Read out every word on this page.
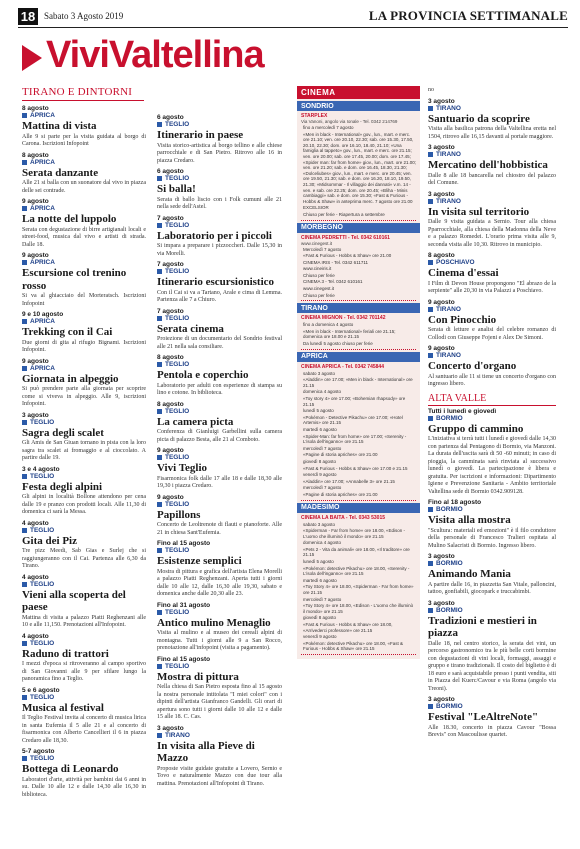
18 Sabato 3 Agosto 2019	LA PROVINCIA SETTIMANALE
ViviValtellina
TIRANO E DINTORNI
8 agosto
APRICA
Mattina di vista
Alle 9 si parte per la visita guidata al borgo di Carona. Iscrizioni Infopoint
8 agosto
APRICA
Serata danzante
Alle 21 si balla con un suonatore dal vivo in piazza delle sei contrade.
9 agosto
APRICA
La notte del luppolo
Serata con degustazione di birre artigianali locali e street-food, musica dal vivo e artisti di strada. Dalle 18.
9 agosto
APRICA
Escursione col trenino rosso
Si va al ghiacciaio del Morteratsch. Iscrizioni Infopoint
9 e 10 agosto
APRICA
Trekking con il Cai
Due giorni di gita al rifugio Bignami. Iscrizioni Infopoint.
9 agosto
APRICA
Giornata in alpeggio
Si può prendere parte alla giornata per scoprire come si viveva in alpeggio. Alle 9, iscrizioni Infopoint.
3 agosto
TEGLIO
Sagra degli scalet
Gli Amis de San Giuan tornano in pista con la loro sagra tra scalet ai fromaggio e al cioccolato. A partire dalle 19.
3 e 4 agosto
TEGLIO
Festa degli alpini
Gli alpini in località Bollone attendono per cena dalle 19 e pranzo con prodotti locali. Alle 11,30 di domenica ci sarà la Messa.
4 agosto
TEGLIO
Gita dei Piz
Tre pizz Meedi, Sab Gias e Surlej che si raggiungeranno con il Cai. Partenza alle 6,30 da Tirano.
4 agosto
TEGLIO
Vieni alla scoperta del paese
Mattina di visita a palazzo Piatti Reghenzani alle 10 e alle 11,150. Prenotazioni all'Infopoint.
4 agosto
TEGLIO
Raduno di trattori
I mezzi d'epoca si ritroveranno al campo sportivo di San Giovanni alle 9 per sfilare lungo la panoramica fino a Teglio.
5 e 6 agosto
TEGLIO
Musica al festival
Il Teglio Festival invita al concerto di musica lirica in santa Eufemia il 5 alle 21 e al concerto di fisarmonica con Alberto Cancellieri il 6 in piazza Credaro alle 18,30.
5-7 agosto
TEGLIO
Bottega di Leonardo
Laboratori d'arte, attività per bambini dai 6 anni in su. Dalle 10 alle 12 e dalle 14,30 alle 16,30 in biblioteca.
6 agosto
TEGLIO
Itinerario in paese
Visita storico-artistica al borgo tellino e alle chiese parrocchiale e di San Pietro. Ritrovo alle 16 in piazza Credaro.
6 agosto
TEGLIO
Si balla!
Serata di ballo liscio con i Folk cumuni alle 21 nella sede dell'Astel.
7 agosto
TEGLIO
Laboratorio per i piccoli
Si impara a preparare i pizzoccheri. Dalle 15,30 in via Morelli.
7 agosto
TEGLIO
Itinerario escursionistico
Con il Cai si va a Tartano, Arale e cima di Lemma. Partenza alle 7 a Chiuro.
7 agosto
TEGLIO
Serata cinema
Proiezione di un documentario del Sondrio festival alle 21 nella sala consiliare.
8 agosto
TEGLIO
Pentola e coperchio
Laboratorio per adulti con esperienze di stampa su lino e cotone. In biblioteca.
8 agosto
TEGLIO
La camera picta
Conferenza di Gianluigi Garbellini sulla camera picta di palazzo Besta, alle 21 al Comboto.
9 agosto
TEGLIO
Vivi Teglio
Fisarmonica folk dalle 17 alle 18 e dalle 18,30 alle 19,30 i piazza Credaro.
9 agosto
TEGLIO
Papillons
Concerto de Leoltrenote di flauti e pianoforte. Alle 21 in chiesa Sant'Eufemia.
Fino al 15 agosto
TEGLIO
Esistenze semplici
Mostra di pittura e grafica dell'artista Elena Morelli a palazzo Piatti Reghenzani. Aperta tutti i giorni dalle 10 alle 12, dalle 16,30 alle 19,30, sabato e domenica anche dalle 20,30 alle 23.
Fino al 31 agosto
TEGLIO
Antico mulino Menaglio
Visita al mulino e al museo dei cereali alpini di montagna. Tutti i giorni alle 9 a San Rocco, prenotazione all'infopoint (visita a pagamento).
Fino al 15 agosto
TEGLIO
Mostra di pittura
Nella chiesa di San Pietro esposta fino al 15 agosto la nostra personale intitolata "I miei colori" con i dipinti dell'artista Gianfranco Gandelli. Gli orari di apertura sono tutti i giorni dalle 10 alle 12 e dalle 15 alle 18. C. Cas.
3 agosto
TIRANO
In visita alla Pieve di Mazzo
Proposte visite guidate gratuite a Lovero, Sernio e Tovo e naturalmente Mazzo con due tour alla mattina. Prenotazioni all'Infopoint di Tirano.
CINEMA
SONDRIO
STARPLEX
Via Vanoni, angolo via Ionale - Tel. 0342 214769
fino a mercoledì 7 agosto
«Men in black - International» gov., lun., mart. e merc. ore 21.10; ven. ore 20.10, 22.30; sab. ore 15.30, 17.50, 20.10, 22.30; dom. ore 16.10, 18.40, 21.10; «Una famiglia al tappeto» gov., lun., mart. e merc. ore 21.15; ven. ore 20.00; sab. ore 17.45, 20.00; dom. ore 17.45; «Spider man: far from home» giov., lun., mart. ore 21.00; ven. ore 21.20; sab. e dom. ore 16.45, 18.30, 21.30; «Dolceliubes» giov., lun., mart. e merc. ore 20.45; ven. ore 19.50, 21.30; sab. e dom. ore 16.20, 18.10, 19.50, 21.30; «Midsommar - Il villaggio dei dannati» v.m. 14 - ven. e sab. ore 22.25; dom. ore 20.45; «Bliha - Minis cambiaggi» sab. e dom. ore 15.30; «Fast & Furious - Hobbs & Shaw» in anteprima merc. 7 agosto ore 21.00
EXCELSIOR
Chiuso per ferie - Riapertura a settembre
MORBEGNO
CINEMA PEDRETTI - Tel. 0342 610161
www.cinegest.it
Mercoledì 7 agosto
«Fast & Furious - Hobbs & Shaw» ore 21.00
CINEMA IRIS - Tel. 0342 611711
www.cineiris.it
Chiuso per ferie
CINEMA 3 - Tel. 0342 610161
www.cinegest.it
Chiuso per ferie
TIRANO
CINEMA MIGNON - Tel. 0342 701142
fino a domenica 4 agosto
«Men in black - International» feriali ore 21.15; domenica ore 18.00 e 21.15
Da lunedì 5 agosto chiuso per ferie
APRICA
CINEMA APRICA - Tel. 0342 745844
sabato 3 agosto
«Aladdin» ore 17.00; «Men in black - International» ore 21.15
domenica 4 agosto
«Toy story 4» ore 17.00; «Bohemian rhapsody» ore 21.15
lunedì 5 agosto
«Pokémon - Detective Pikachu» ore 17.00; «Hotel Artemis» ore 21.15
martedì 6 agosto
«Spider-Man: far from home» ore 17.00; «Serenity - L'isola dell'inganno» ore 21.15
mercoledì 7 agosto
«Pagine di storia apriches» ore 21.00
giovedì 8 agosto
«Fast & Furious - Hobbs & Shaw» ore 17.00 e 21.15
venerdì 9 agosto
«Aladdin» ore 17.00; «Annabelle 3» ore 21.15
mercoledì 7 agosto
«Pagine di storia apriches» ore 21.00
MADESIMO
CINEMA LA BAITA - Tel. 0343 53015
sabato 3 agosto
«Spiderman - Far from home» ore 18.00, «Edison - L'uomo che illuminò il mondo» ore 21.15
domenica 4 agosto
«Pets 2 - Vita da animali» ore 18.00, «Il traditore» ore 21.15
lunedì 5 agosto
«Pokémon: detective Pikachu» ore 18.00, «Serenity - L'isola dell'inganno» ore 21.15
martedì 6 agosto
«Toy Story 4» ore 18.00, «Spiderman - Far from home» ore 21.15
mercoledì 7 agosto
«Toy Story 4» ore 18.00, «Edison - L'uomo che illuminò il mondo» ore 21.15
giovedì 8 agosto
«Fast & Furious - Hobbs & Shaw» ore 18.00, «Arrivederci professore» ore 21.15
venerdì 9 agosto
«Pokémon: detective Pikachu» ore 18.00, «Fast & Furious - Hobbs & Shaw» ore 21.15
no
3 agosto
TIRANO
Santuario da scoprire
Visita alla basilica patrona della Valtellina eretta nel 1504, ritrovo alle 16,15 davanti al portale maggiore.
3 agosto
TIRANO
Mercatino dell'hobbistica
Dalle 8 alle 18 bancarella nel chiostro del palazzo del Comune.
3 agosto
TIRANO
In visita sul territorio
Dalle 9 visita guidata a Sernio. Tour alla chiesa Pparrocchiale, alla chiesa della Madonna della Neve e a palazzo Romedei. L'orario prima visita alle 9, seconda visita alle 10,30. Ritrovo in municipio.
8 agosto
POSCHIAVO
Cinema d'essai
I Film di Devon House propongono "El abrazo de la serpiente" alle 20,30 in via Palazzi a Poschiavo.
9 agosto
TIRANO
Con Pinocchio
Serata di letture e analisi del celebre romanzo di Collodi con Giuseppe Fojeni e Alex De Simoni.
9 agosto
TIRANO
Concerto d'organo
Al santuario alle 11 si tiene un concerto d'organo con ingresso libero.
ALTA VALLE
Tutti i lunedì e giovedì
BORMIO
Gruppo di cammino
L'iniziativa si terrà tutti i lunedì e giovedì dalle 14,30 con partenza dal Pentagono di Bormio, via Manzoni. La durata dell'uscita sarà di 50 -60 minuti; in caso di pioggia, la camminata sarà rinviata al successivo lunedì o giovedì. La partecipazione è libera e gratuita. Per iscrizioni e informazioni: Dipartimento Igiene e Prevenzione Sanitaria - Ambito territoriale Valtellina sede di Bormio 0342.909128.
Fino al 18 agosto
BORMIO
Visita alla mostra
"Scultura: materiali ed emozioni" è il filo conduttore della personale di Francesco Tralieri ospitata al Mulino Salacristi di Bormio. Ingresso libero.
3 agosto
BORMIO
Animando Mania
A partire dalle 16, in piazzetta San Vitale, palloncini, tattoo, gonfiabili, giocopark e truccabimbi.
3 agosto
BORMIO
Tradizioni e mestieri in piazza
Dalle 18, nel centro storico, la serata dei vini, un percorso gastronomico tra le più belle corti bormine con degustazioni di vini locali, formaggi, assaggi e gruppo e tirano tradizionali. Il costo del biglietto è di 18 euro e sarà acquistabile presso i punti vendita, siti in Piazza del Kuerc/Cavour e via Roma (angolo via Treoni).
3 agosto
BORMIO
Festival "LeAltreNote"
Alle 18.30, concerto in piazza Cavour "Bossa Brevis" con Mascoulisse quartet.
